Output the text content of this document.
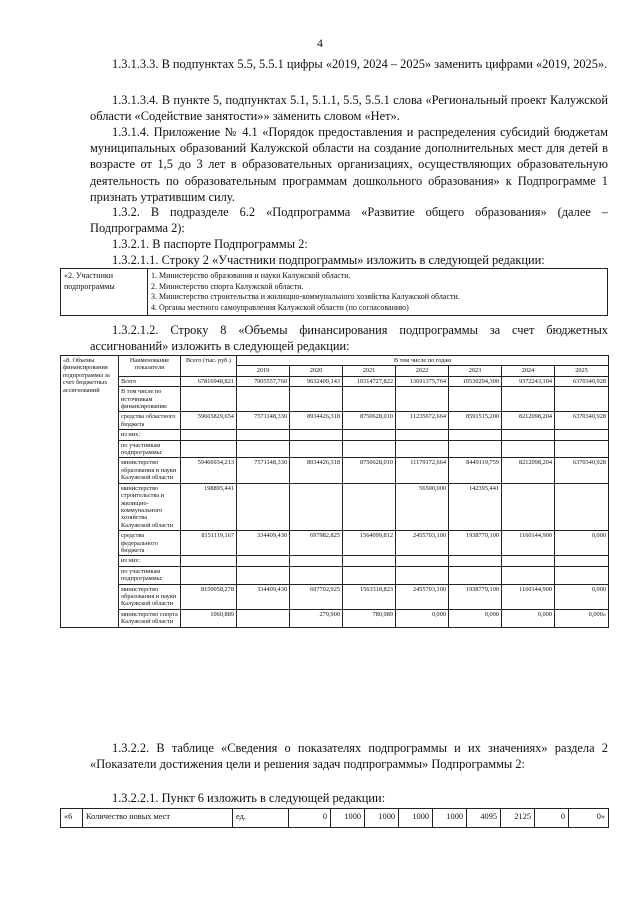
4
1.3.1.3.3. В подпунктах 5.5, 5.5.1 цифры «2019, 2024 – 2025» заменить цифрами «2019, 2025».
1.3.1.3.4. В пункте 5, подпунктах 5.1, 5.1.1, 5.5, 5.5.1 слова «Региональный проект Калужской области «Содействие занятости»» заменить словом «Нет».
1.3.1.4. Приложение № 4.1 «Порядок предоставления и распределения субсидий бюджетам муниципальных образований Калужской области на создание дополнительных мест для детей в возрасте от 1,5 до 3 лет в образовательных организациях, осуществляющих образовательную деятельность по образовательным программам дошкольного образования» к Подпрограмме 1 признать утратившим силу.
1.3.2. В подразделе 6.2 «Подпрограмма «Развитие общего образования» (далее – Подпрограмма 2):
1.3.2.1. В паспорте Подпрограммы 2:
1.3.2.1.1. Строку 2 «Участники подпрограммы» изложить в следующей редакции:
«2. Участники подпрограммы	
1. Министерство образования и науки Калужской области.
2. Министерство спорта Калужской области.
3. Министерство строительства и жилищно-коммунального хозяйства Калужской области.
4. Органы местного самоуправления Калужской области (по согласованию)
1.3.2.1.2. Строку 8 «Объемы финансирования подпрограммы за счет бюджетных ассигнований» изложить в следующей редакции:
«8. Объемы финансирования подпрограммы за счет бюджетных ассигнований	Наименование показателя	Всего (тыс. руб.)	В том числе по годам						
			2019	2020	2021	2022	2023	2024	2025
	Всего	67816948,821	7905557,760	9632409,143	10314727,822	13691375,764	10530294,300	9372243,104	6370340,928
	В том числе по источникам финансирования:								
	средства областного бюджета	59665829,654	7571148,330	8934426,318	8750628,010	11235672,664	8591515,200	8212098,204	6370340,928
	из них:								
	по участникам подпрограммы:								
	министерство образования и науки Калужской области	59466934,213	7571148,330	8934426,318	8750628,010	11179172,664	8449119,759	8212098,204	6370340,928
	министерство строительства и жилищно-коммунального хозяйства Калужской области	198895,441				56500,000	142395,441		
	средства федерального бюджета	8151119,167	334409,430	697982,825	1564099,812	2455703,100	1938779,100	1160144,900	0,000
	из них:								
	по участникам подпрограммы:								
	министерство образования и науки Калужской области	8150058,278	334409,430	697702,925	1563318,823	2455703,100	1938779,100	1160144,900	0,000
	министерство спорта Калужской области	1060,889		279,900	780,989	0,000	0,000	0,000	0,000»
1.3.2.2. В таблице «Сведения о показателях подпрограммы и их значениях» раздела 2 «Показатели достижения цели и решения задач подпрограммы» Подпрограммы 2:
1.3.2.2.1. Пункт 6 изложить в следующей редакции:
«6	Количество новых мест	ед.	0	1000	1000	1000	1000	4095	2125	0	0»
